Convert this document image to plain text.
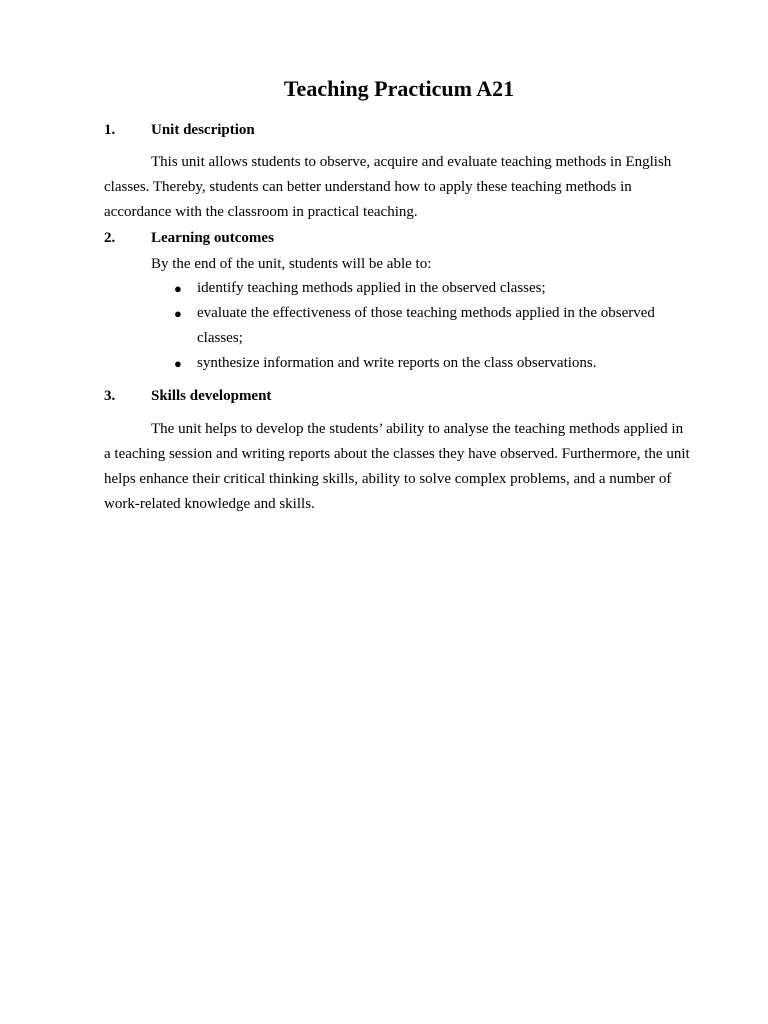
Teaching Practicum A21
1. Unit description

This unit allows students to observe, acquire and evaluate teaching methods in English classes. Thereby, students can better understand how to apply these teaching methods in accordance with the classroom in practical teaching.

2. Learning outcomes

By the end of the unit, students will be able to:

● identify teaching methods applied in the observed classes;
● evaluate the effectiveness of those teaching methods applied in the observed classes;
● synthesize information and write reports on the class observations.
3. Skills development

The unit helps to develop the students’ ability to analyse the teaching methods applied in a teaching session and writing reports about the classes they have observed. Furthermore, the unit helps enhance their critical thinking skills, ability to solve complex problems, and a number of work-related knowledge and skills.
